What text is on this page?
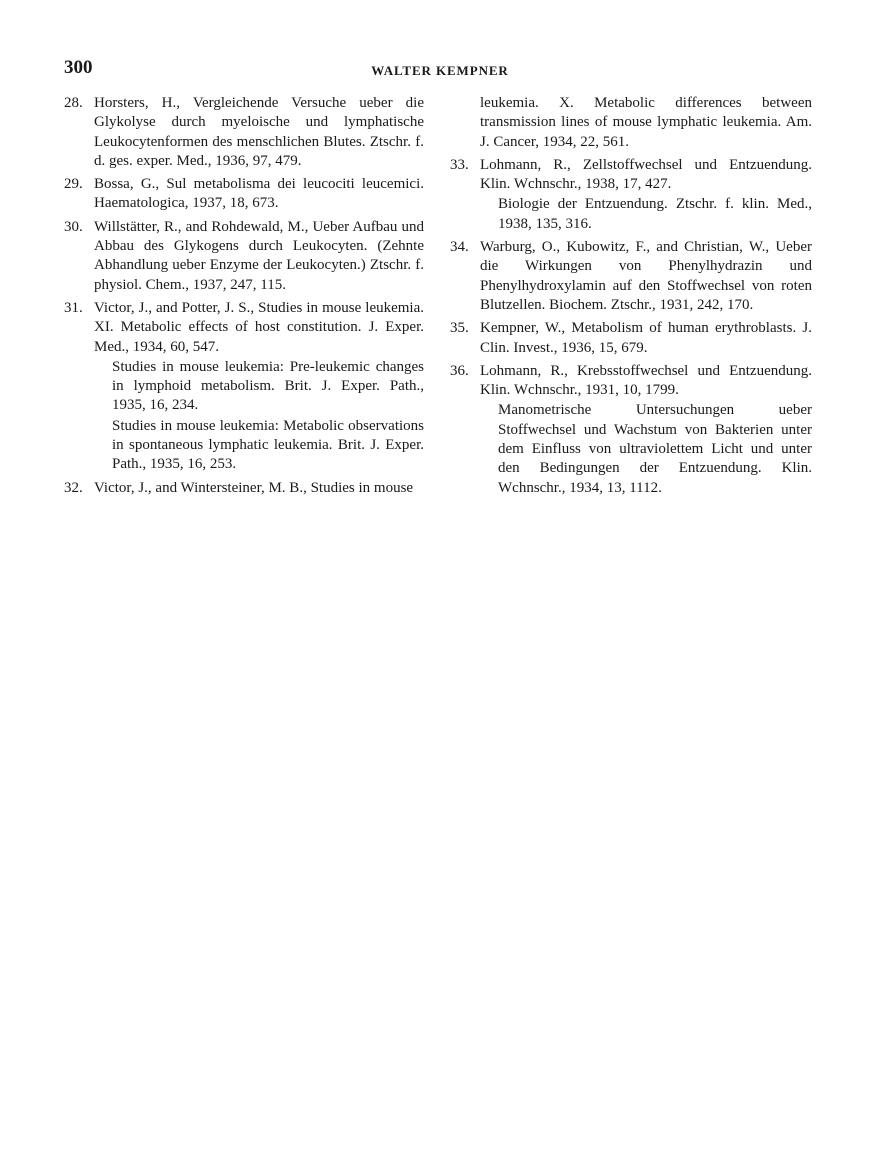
300	WALTER KEMPNER
28. Horsters, H., Vergleichende Versuche ueber die Glykolyse durch myeloische und lymphatische Leukocytenformen des menschlichen Blutes. Ztschr. f. d. ges. exper. Med., 1936, 97, 479.
29. Bossa, G., Sul metabolisma dei leucociti leucemici. Haematologica, 1937, 18, 673.
30. Willstätter, R., and Rohdewald, M., Ueber Aufbau und Abbau des Glykogens durch Leukocyten. (Zehnte Abhandlung ueber Enzyme der Leukocyten.) Ztschr. f. physiol. Chem., 1937, 247, 115.
31. Victor, J., and Potter, J. S., Studies in mouse leukemia. XI. Metabolic effects of host constitution. J. Exper. Med., 1934, 60, 547.
Studies in mouse leukemia: Pre-leukemic changes in lymphoid metabolism. Brit. J. Exper. Path., 1935, 16, 234.
Studies in mouse leukemia: Metabolic observations in spontaneous lymphatic leukemia. Brit. J. Exper. Path., 1935, 16, 253.
32. Victor, J., and Wintersteiner, M. B., Studies in mouse
leukemia. X. Metabolic differences between transmission lines of mouse lymphatic leukemia. Am. J. Cancer, 1934, 22, 561.
33. Lohmann, R., Zellstoffwechsel und Entzuendung. Klin. Wchnschr., 1938, 17, 427.
Biologie der Entzuendung. Ztschr. f. klin. Med., 1938, 135, 316.
34. Warburg, O., Kubowitz, F., and Christian, W., Ueber die Wirkungen von Phenylhydrazin und Phenylhydroxylamin auf den Stoffwechsel von roten Blutzellen. Biochem. Ztschr., 1931, 242, 170.
35. Kempner, W., Metabolism of human erythroblasts. J. Clin. Invest., 1936, 15, 679.
36. Lohmann, R., Krebsstoffwechsel und Entzuendung. Klin. Wchnschr., 1931, 10, 1799.
Manometrische Untersuchungen ueber Stoffwechsel und Wachstum von Bakterien unter dem Einfluss von ultraviolettem Licht und unter den Bedingungen der Entzuendung. Klin. Wchnschr., 1934, 13, 1112.
